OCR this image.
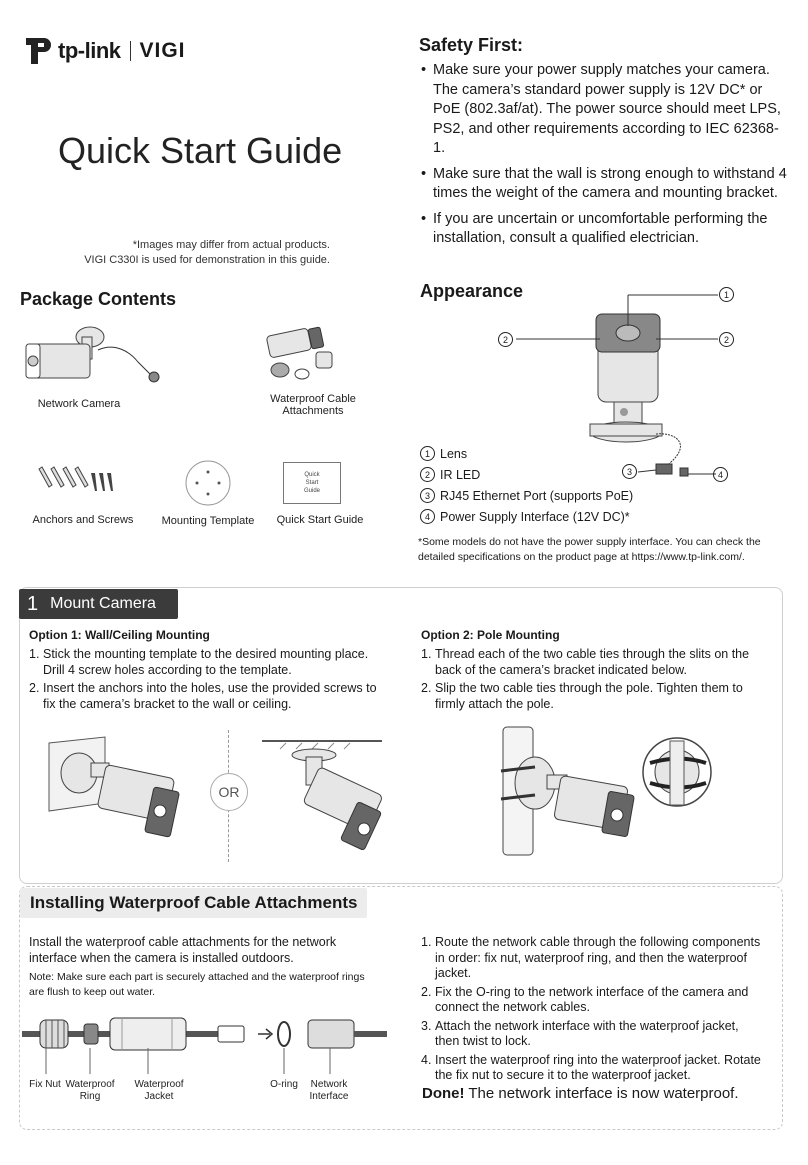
tp-link VIGI
Quick Start Guide
*Images may differ from actual products.
VIGI C330I is used for demonstration in this guide.
Package Contents
Network Camera	Waterproof Cable Attachments
Anchors and Screws	Mounting Template
Quick
Start
Guide
Quick Start Guide
Safety First:
• Make sure your power supply matches your camera. The camera’s standard power supply is 12V DC* or PoE (802.3af/at). The power source should meet LPS, PS2, and other requirements according to IEC 62368-1.
• Make sure that the wall is strong enough to withstand 4 times the weight of the camera and mounting bracket.
• If you are uncertain or uncomfortable performing the installation, consult a qualified electrician.
Appearance	1
2	2
3	4
1 Lens
2 IR LED
3 RJ45 Ethernet Port (supports PoE)
4 Power Supply Interface (12V DC)*
*Some models do not have the power supply interface. You can check the detailed specifications on the product page at https://www.tp-link.com/.
1 Mount Camera
Option 1: Wall/Ceiling Mounting
1. Stick the mounting template to the desired mounting place. Drill 4 screw holes according to the template.
2. Insert the anchors into the holes, use the provided screws to fix the camera’s bracket to the wall or ceiling.
Option 2: Pole Mounting
1. Thread each of the two cable ties through the slits on the back of the camera’s bracket indicated below.
2. Slip the two cable ties through the pole. Tighten them to firmly attach the pole.
OR
Installing Waterproof Cable Attachments
Install the waterproof cable attachments for the network interface when the camera is installed outdoors.
Note: Make sure each part is securely attached and the waterproof rings are flush to keep out water.
Fix Nut Waterproof Ring
Waterproof Jacket
O-ring	Network Interface
1. Route the network cable through the following components in order: fix nut, waterproof ring, and then the waterproof jacket.
2. Fix the O-ring to the network interface of the camera and connect the network cables.
3. Attach the network interface with the waterproof jacket, then twist to lock.
4. Insert the waterproof ring into the waterproof jacket. Rotate the fix nut to secure it to the waterproof jacket.
Done! The network interface is now waterproof.
